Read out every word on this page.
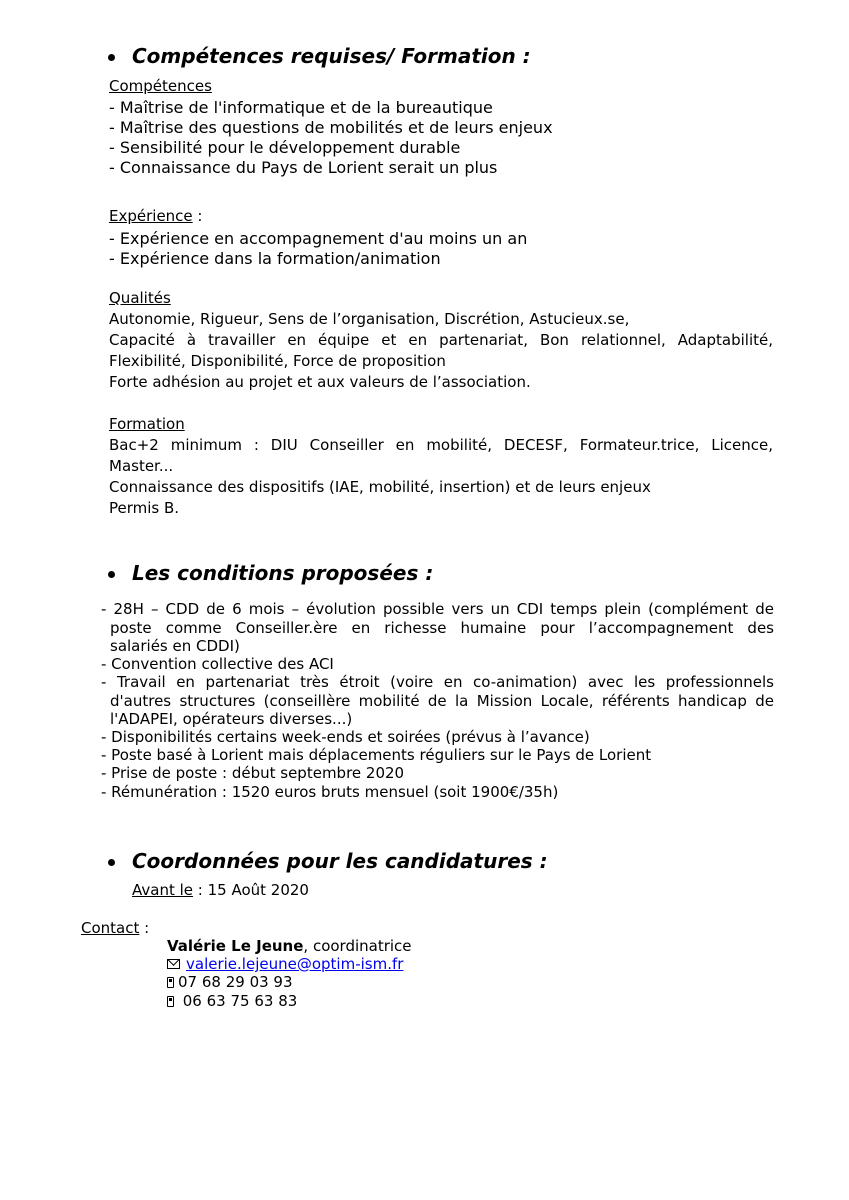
Compétences requises/ Formation :
Compétences
- Maîtrise de l'informatique et de la bureautique
- Maîtrise des questions de mobilités et de leurs enjeux
- Sensibilité pour le développement durable
- Connaissance du Pays de Lorient serait un plus
Expérience :
- Expérience en accompagnement d'au moins un an
- Expérience dans la formation/animation
Qualités
Autonomie, Rigueur, Sens de l’organisation, Discrétion, Astucieux.se,
Capacité à travailler en équipe et en partenariat, Bon relationnel, Adaptabilité,
Flexibilité, Disponibilité, Force de proposition
Forte adhésion au projet et aux valeurs de l’association.
Formation
Bac+2 minimum : DIU Conseiller en mobilité, DECESF, Formateur.trice, Licence,
Master...
Connaissance des dispositifs (IAE, mobilité, insertion) et de leurs enjeux
Permis B.
Les conditions proposées :
- 28H – CDD de 6 mois – évolution possible vers un CDI temps plein (complément de
poste comme Conseiller.ère en richesse humaine pour l’accompagnement des
salariés en CDDI)
- Convention collective des ACI
- Travail en partenariat très étroit (voire en co-animation) avec les professionnels
d'autres structures (conseillère mobilité de la Mission Locale, référents handicap de
l'ADAPEI, opérateurs diverses...)
- Disponibilités certains week-ends et soirées (prévus à l’avance)
- Poste basé à Lorient mais déplacements réguliers sur le Pays de Lorient
- Prise de poste : début septembre 2020
- Rémunération : 1520 euros bruts mensuel (soit 1900€/35h)
Coordonnées pour les candidatures :
Avant le : 15 Août 2020
Contact :
Valérie Le Jeune, coordinatrice
valerie.lejeune@optim-ism.fr
07 68 29 03 93
06 63 75 63 83
